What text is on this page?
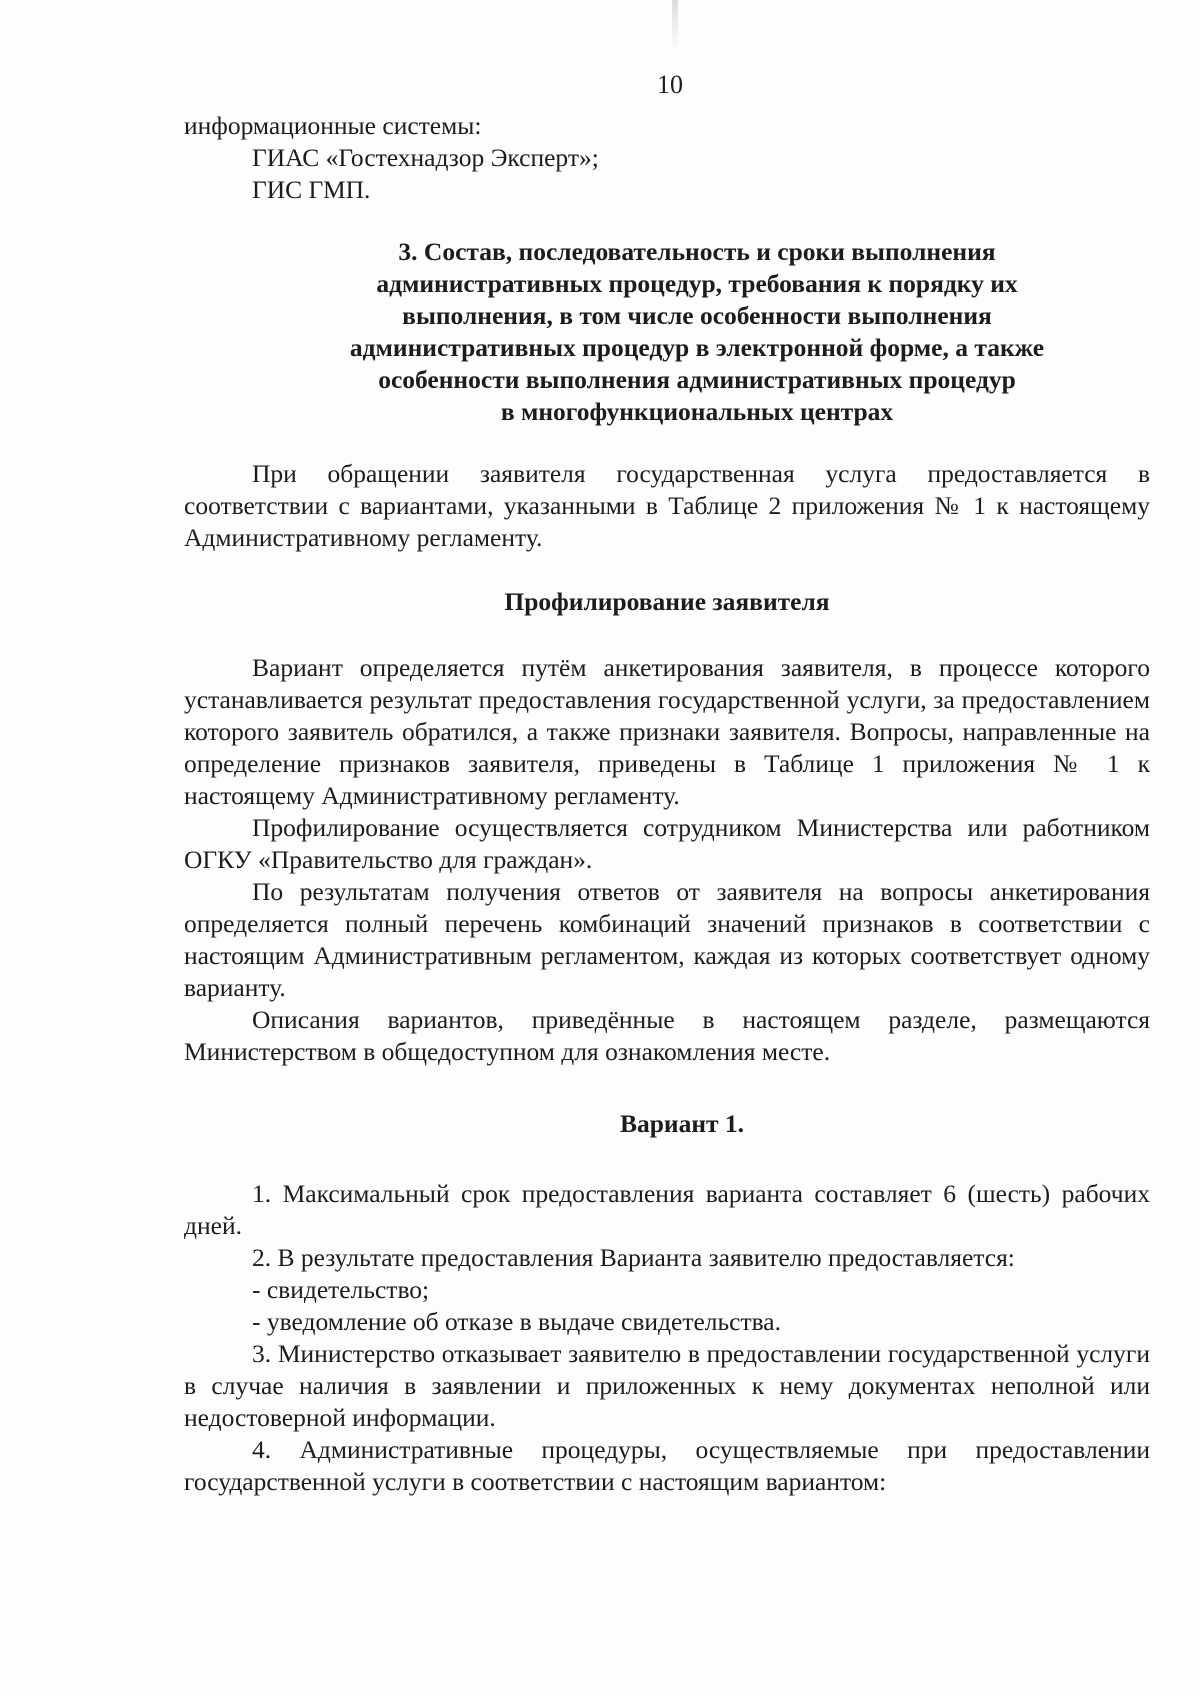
10
информационные системы:
ГИАС «Гостехнадзор Эксперт»;
ГИС ГМП.
3. Состав, последовательность и сроки выполнения
административных процедур, требования к порядку их
выполнения, в том числе особенности выполнения
административных процедур в электронной форме, а также
особенности выполнения административных процедур
в многофункциональных центрах

При обращении заявителя государственная услуга предоставляется в соответствии с вариантами, указанными в Таблице 2 приложения № 1 к настоящему Административному регламенту.

Профилирование заявителя

Вариант определяется путём анкетирования заявителя, в процессе которого устанавливается результат предоставления государственной услуги, за предоставлением которого заявитель обратился, а также признаки заявителя. Вопросы, направленные на определение признаков заявителя, приведены в Таблице 1 приложения № 1 к настоящему Административному регламенту.

Профилирование осуществляется сотрудником Министерства или работником ОГКУ «Правительство для граждан».

По результатам получения ответов от заявителя на вопросы анкетирования определяется полный перечень комбинаций значений признаков в соответствии с настоящим Административным регламентом, каждая из которых соответствует одному варианту.

Описания вариантов, приведённые в настоящем разделе, размещаются Министерством в общедоступном для ознакомления месте.

Вариант 1.

1. Максимальный срок предоставления варианта составляет 6 (шесть) рабочих дней.

2. В результате предоставления Варианта заявителю предоставляется:

- свидетельство;

- уведомление об отказе в выдаче свидетельства.

3. Министерство отказывает заявителю в предоставлении государственной услуги в случае наличия в заявлении и приложенных к нему документах неполной или недостоверной информации.

4. Административные процедуры, осуществляемые при предоставлении государственной услуги в соответствии с настоящим вариантом:
